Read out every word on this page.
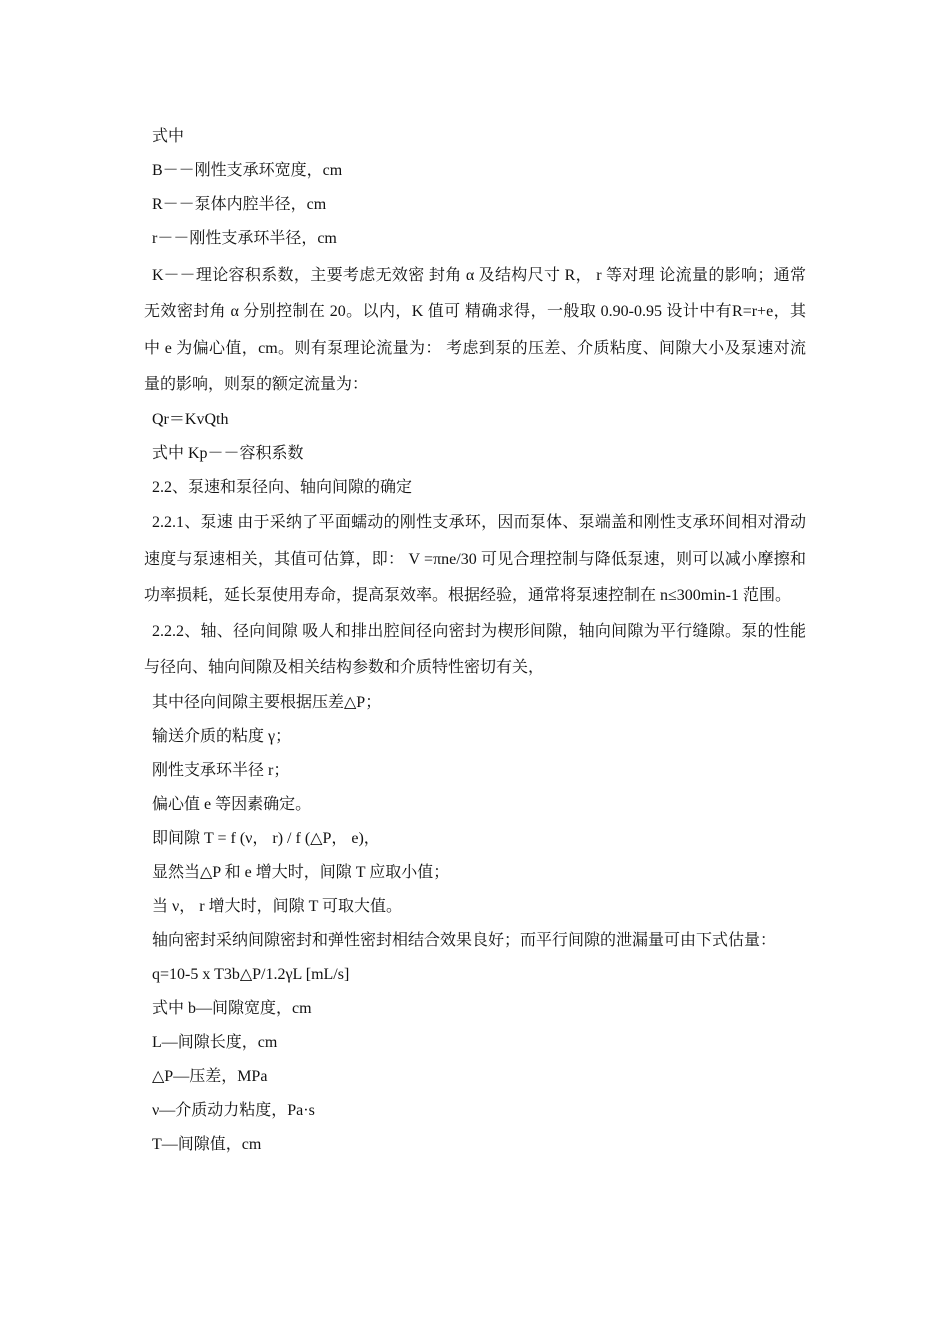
式中
B－－刚性支承环宽度，cm
R－－泵体内腔半径，cm
r－－刚性支承环半径，cm

K－－理论容积系数，主要考虑无效密 封角 α 及结构尺寸 R， r 等对理 论流量的影响；通常无效密封角 α 分别控制在 20。以内，K 值可 精确求得，一般取 0.90-0.95 设计中有R=r+e，其中 e 为偏心值，cm。则有泵理论流量为： 考虑到泵的压差、介质粘度、间隙大小及泵速对流量的影响，则泵的额定流量为：

Qr＝KvQth
式中 Kp－－容积系数
2.2、泵速和泵径向、轴向间隙的确定

2.2.1、泵速 由于采纳了平面蠕动的刚性支承环，因而泵体、泵端盖和刚性支承环间相对滑动速度与泵速相关，其值可估算，即： V =πne/30 可见合理控制与降低泵速，则可以减小摩擦和功率损耗，延长泵使用寿命，提高泵效率。根据经验，通常将泵速控制在 n≤300min-1 范围。

2.2.2、轴、径向间隙 吸人和排出腔间径向密封为楔形间隙，轴向间隙为平行缝隙。泵的性能与径向、轴向间隙及相关结构参数和介质特性密切有关，

其中径向间隙主要根据压差△P；
输送介质的粘度 γ；
刚性支承环半径 r；
偏心值 e 等因素确定。
即间隙 T = f (ν， r) / f (△P， e)，
显然当△P 和 e 增大时，间隙 T 应取小值；
当 ν， r 增大时，间隙 T 可取大值。
轴向密封采纳间隙密封和弹性密封相结合效果良好；而平行间隙的泄漏量可由下式估量：
q=10-5 x T3b△P/1.2γL [mL/s]
式中 b—间隙宽度，cm
L—间隙长度，cm
△P—压差，MPa
ν—介质动力粘度，Pa·s
T—间隙值，cm
